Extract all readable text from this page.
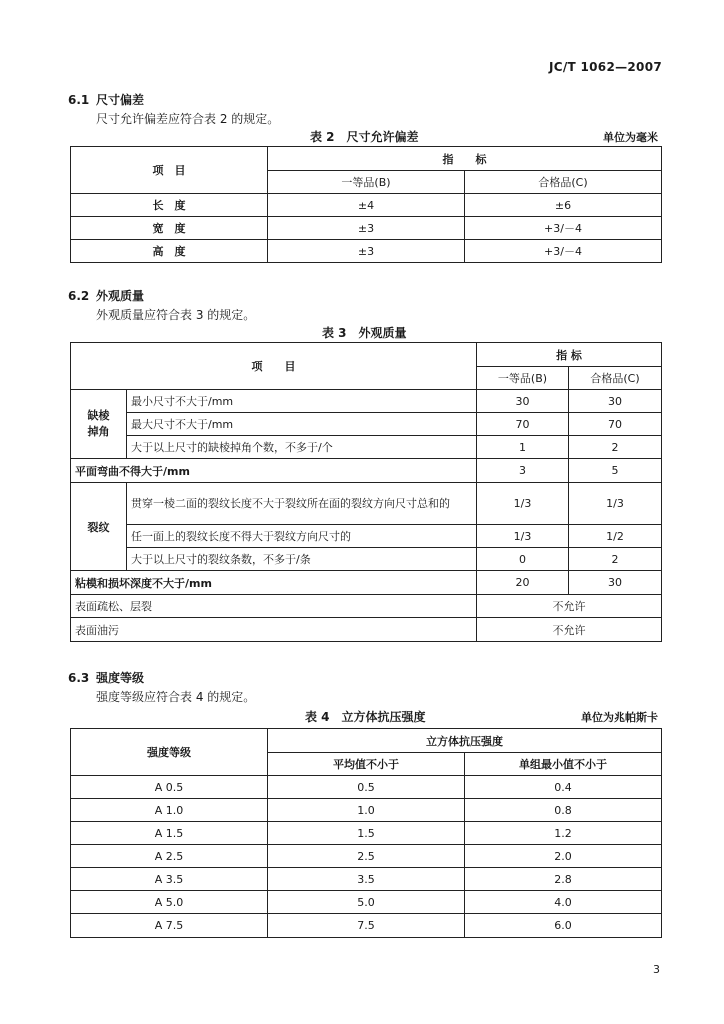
JC/T 1062—2007
6.1 尺寸偏差
尺寸允许偏差应符合表 2 的规定。
表 2　尺寸允许偏差	单位为毫米
项　目	指　　标	
	一等品(B)	合格品(C)
长　度	±4	±6
宽　度	±3	+3/－4
高　度	±3	+3/－4
6.2 外观质量
外观质量应符合表 3 的规定。
表 3　外观质量
项　　目		指 标	
		一等品(B)	合格品(C)
缺棱掉角	最小尺寸不大于/mm	30	30
	最大尺寸不大于/mm	70	70
	大于以上尺寸的缺棱掉角个数，不多于/个	1	2
平面弯曲不得大于/mm		3	5
裂纹	贯穿一棱二面的裂纹长度不大于裂纹所在面的裂纹方向尺寸总和的	1/3	1/3
	任一面上的裂纹长度不得大于裂纹方向尺寸的	1/3	1/2
	大于以上尺寸的裂纹条数，不多于/条	0	2
粘模和损坏深度不大于/mm		20	30
表面疏松、层裂		不允许	
表面油污		不允许	
6.3 强度等级
强度等级应符合表 4 的规定。
表 4　立方体抗压强度	单位为兆帕斯卡
强度等级	立方体抗压强度	
	平均值不小于	单组最小值不小于
A 0.5	0.5	0.4
A 1.0	1.0	0.8
A 1.5	1.5	1.2
A 2.5	2.5	2.0
A 3.5	3.5	2.8
A 5.0	5.0	4.0
A 7.5	7.5	6.0
3
